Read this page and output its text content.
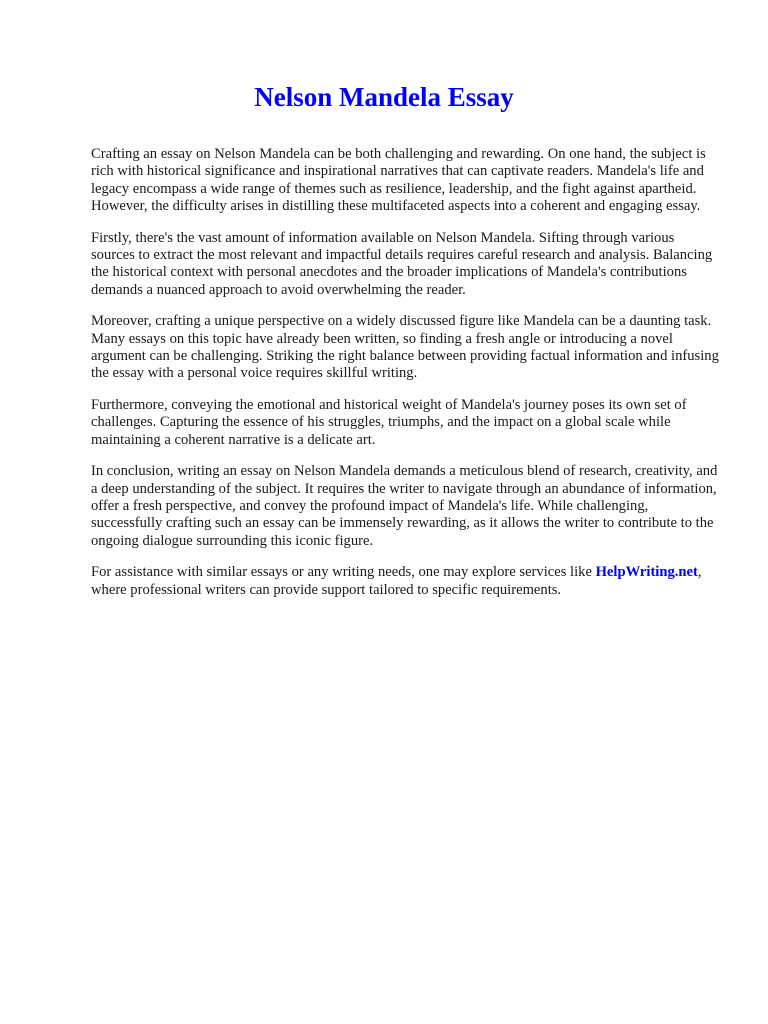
Nelson Mandela Essay

Crafting an essay on Nelson Mandela can be both challenging and rewarding. On one hand, the subject is rich with historical significance and inspirational narratives that can captivate readers. Mandela's life and legacy encompass a wide range of themes such as resilience, leadership, and the fight against apartheid. However, the difficulty arises in distilling these multifaceted aspects into a coherent and engaging essay.

Firstly, there's the vast amount of information available on Nelson Mandela. Sifting through various sources to extract the most relevant and impactful details requires careful research and analysis. Balancing the historical context with personal anecdotes and the broader implications of Mandela's contributions demands a nuanced approach to avoid overwhelming the reader.

Moreover, crafting a unique perspective on a widely discussed figure like Mandela can be a daunting task. Many essays on this topic have already been written, so finding a fresh angle or introducing a novel argument can be challenging. Striking the right balance between providing factual information and infusing the essay with a personal voice requires skillful writing.

Furthermore, conveying the emotional and historical weight of Mandela's journey poses its own set of challenges. Capturing the essence of his struggles, triumphs, and the impact on a global scale while maintaining a coherent narrative is a delicate art.

In conclusion, writing an essay on Nelson Mandela demands a meticulous blend of research, creativity, and a deep understanding of the subject. It requires the writer to navigate through an abundance of information, offer a fresh perspective, and convey the profound impact of Mandela's life. While challenging, successfully crafting such an essay can be immensely rewarding, as it allows the writer to contribute to the ongoing dialogue surrounding this iconic figure.

For assistance with similar essays or any writing needs, one may explore services like HelpWriting.net, where professional writers can provide support tailored to specific requirements.
